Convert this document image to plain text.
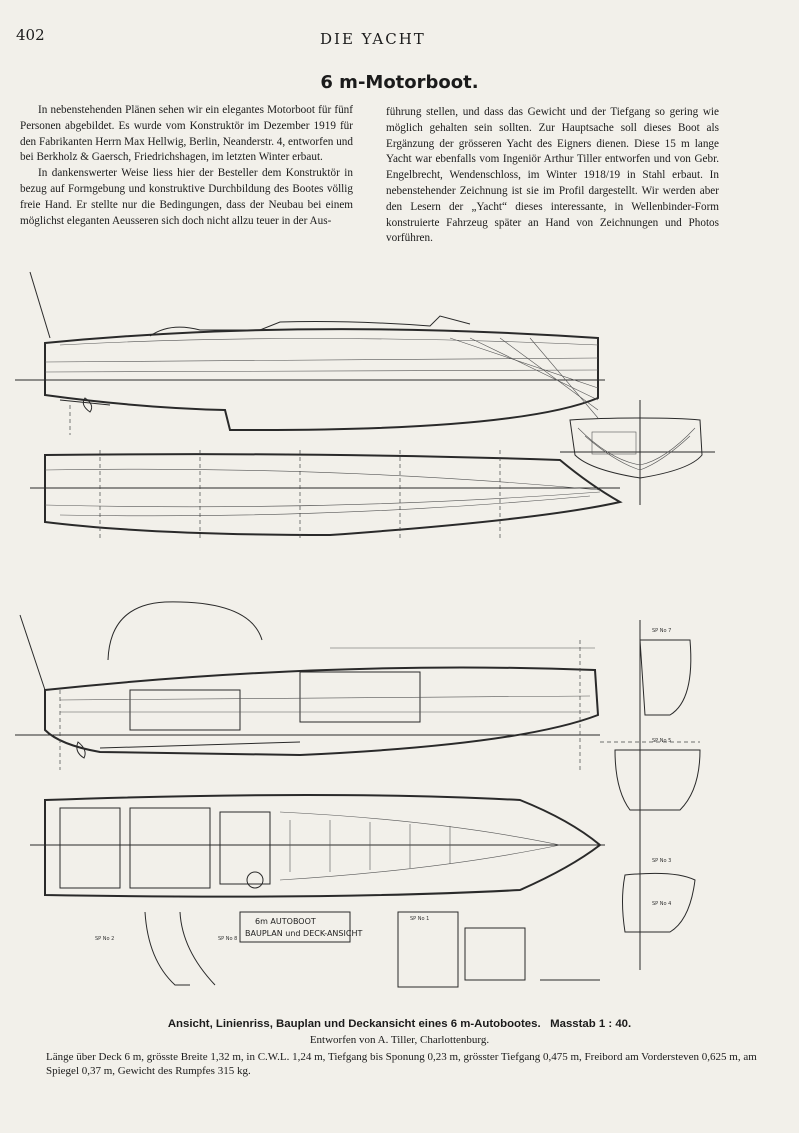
402	DIE YACHT
6 m-Motorboot.

In nebenstehenden Plänen sehen wir ein elegantes Motorboot für fünf Personen abgebildet. Es wurde vom Konstruktör im Dezember 1919 für den Fabrikanten Herrn Max Hellwig, Berlin, Neanderstr. 4, entworfen und bei Berkholz & Gaersch, Friedrichshagen, im letzten Winter erbaut.

In dankenswerter Weise liess hier der Besteller dem Konstruktör in bezug auf Formgebung und konstruktive Durchbildung des Bootes völlig freie Hand. Er stellte nur die Bedingungen, dass der Neubau bei einem möglichst eleganten Aeusseren sich doch nicht allzu teuer in der Aus-

führung stellen, und dass das Gewicht und der Tiefgang so gering wie möglich gehalten sein sollten. Zur Hauptsache soll dieses Boot als Ergänzung der grösseren Yacht des Eigners dienen. Diese 15 m lange Yacht war ebenfalls vom Ingeniör Arthur Tiller entworfen und von Gebr. Engelbrecht, Wendenschloss, im Winter 1918/19 in Stahl erbaut. In nebenstehender Zeichnung ist sie im Profil dargestellt. Wir werden aber den Lesern der „Yacht“ dieses interessante, in Wellenbinder-Form konstruierte Fahrzeug später an Hand von Zeichnungen und Photos vorführen.

6m AUTOBOOT
BAUPLAN und DECK-ANSICHT
SP No 7
SP No 5
SP No 3
SP No 2	SP No 8
SP No 1
SP No 4
Ansicht, Linienriss, Bauplan und Deckansicht eines 6 m-Autobootes. Masstab 1 : 40.
Entworfen von A. Tiller, Charlottenburg.
Länge über Deck 6 m, grösste Breite 1,32 m, in C.W.L. 1,24 m, Tiefgang bis Sponung 0,23 m, grösster Tiefgang 0,475 m, Freibord am Vordersteven 0,625 m, am Spiegel 0,37 m, Gewicht des Rumpfes 315 kg.
